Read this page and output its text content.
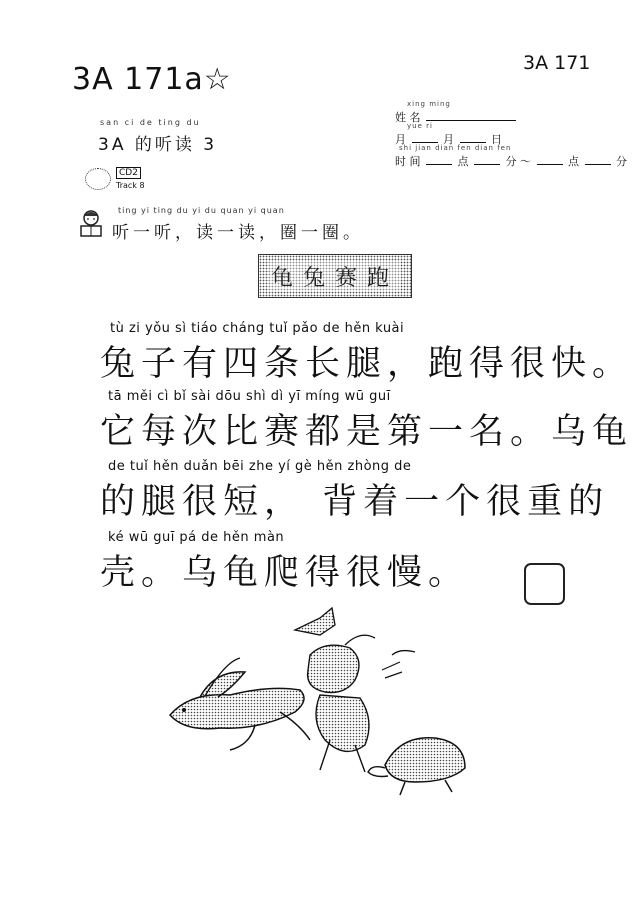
3A 171a☆	3A 171
san ci de ting du
3A 的听读 3
CD2
Track 8
xing ming
姓 名
yue ri
月	月	日
shi jian dian fen dian fen
时 间	点	分 ～	点	分
ting yi ting du yi du quan yi quan
听一听，读一读，圈一圈。
龟兔赛跑
tù zi yǒu sì tiáo cháng tuǐ pǎo de hěn kuài
兔子有四条长腿，跑得很快。
tā měi cì bǐ sài dōu shì dì yī míng wū guī
它每次比赛都是第一名。乌龟
de tuǐ hěn duǎn bēi zhe yí gè hěn zhòng de
的腿很短， 背着一个很重的
ké wū guī pá de hěn màn
壳。乌龟爬得很慢。
